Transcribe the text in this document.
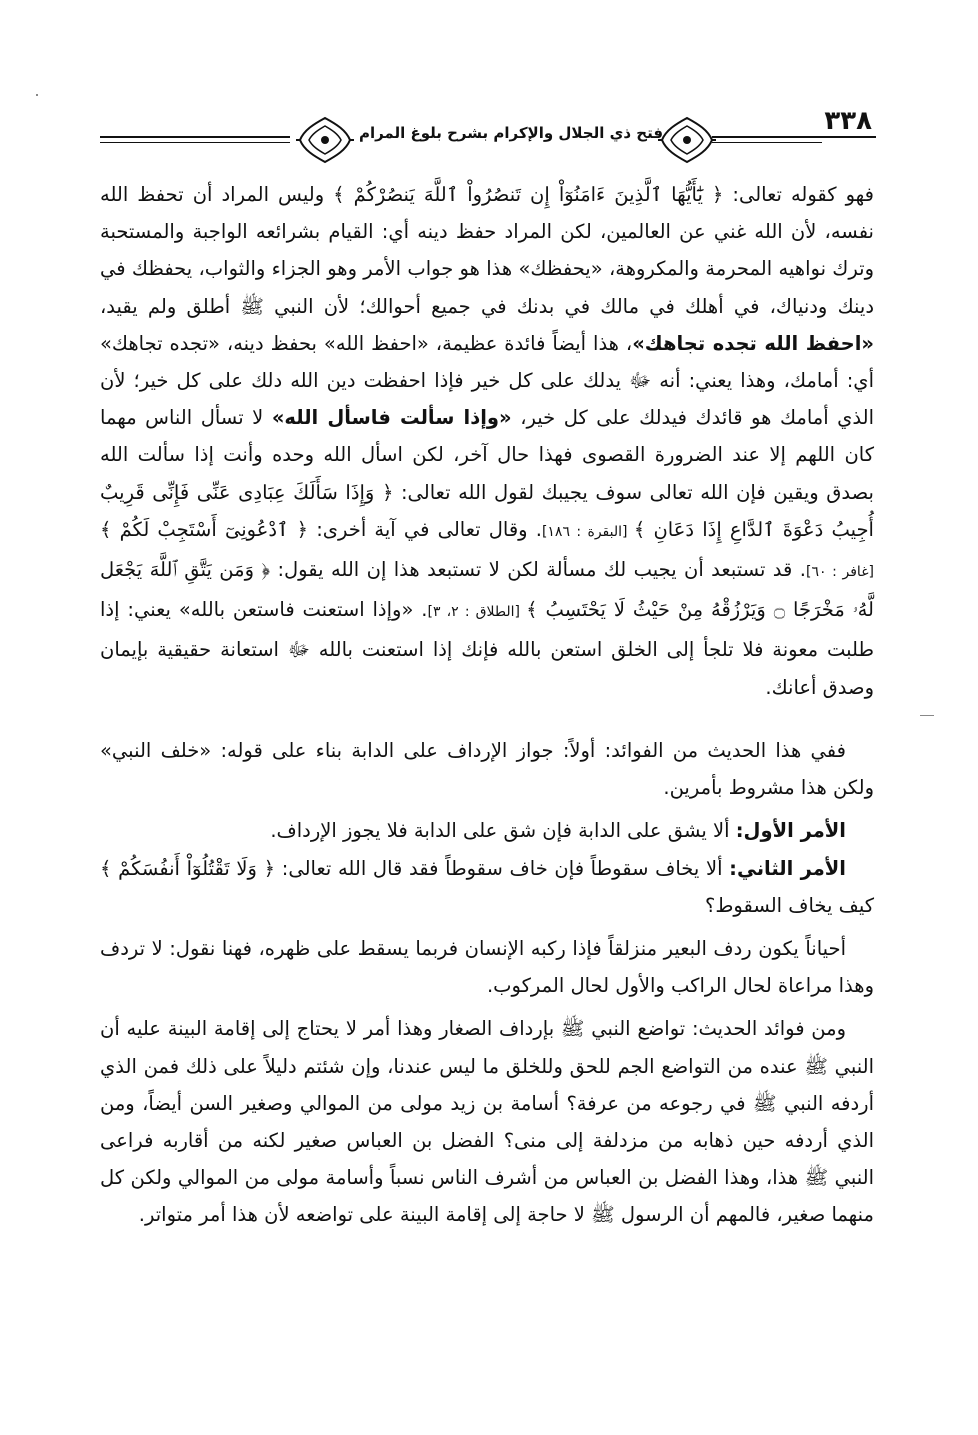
فتح ذي الجلال والإكرام بشرح بلوغ المرام	٣٣٨

فهو كقوله تعالى: ﴿ يَٰٓأَيُّهَا ٱلَّذِينَ ءَامَنُوٓاْ إِن تَنصُرُواْ ٱللَّهَ يَنصُرْكُمْ ﴾ وليس المراد أن تحفظ الله نفسه، لأن الله غني عن العالمين، لكن المراد حفظ دينه أي: القيام بشرائعه الواجبة والمستحبة وترك نواهيه المحرمة والمكروهة، «يحفظك» هذا هو جواب الأمر وهو الجزاء والثواب، يحفظك في دينك ودنياك، في أهلك في مالك في بدنك في جميع أحوالك؛ لأن النبي ﷺ أطلق ولم يقيد، «احفظ الله تجده تجاهك»، هذا أيضاً فائدة عظيمة، «احفظ الله» بحفظ دينه، «تجده تجاهك» أي: أمامك، وهذا يعني: أنه ﷻ يدلك على كل خير فإذا احفظت دين الله دلك على كل خير؛ لأن الذي أمامك هو قائدك فيدلك على كل خير، «وإذا سألت فاسأل الله» لا تسأل الناس مهما كان اللهم إلا عند الضرورة القصوى فهذا حال آخر، لكن اسأل الله وحده وأنت إذا سألت الله بصدق ويقين فإن الله تعالى سوف يجيبك لقول الله تعالى: ﴿ وَإِذَا سَأَلَكَ عِبَادِى عَنِّى فَإِنِّى قَرِيبٌ أُجِيبُ دَعْوَةَ ٱلدَّاعِ إِذَا دَعَانِ ﴾ [البقرة : ١٨٦]. وقال تعالى في آية أخرى: ﴿ ٱدْعُونِىٓ أَسْتَجِبْ لَكُمْ ﴾ [غافر : ٦٠]. قد تستبعد أن يجيب لك مسألة لكن لا تستبعد هذا إن الله يقول: ﴿ وَمَن يَتَّقِ ٱللَّهَ يَجْعَل لَّهُۥ مَخْرَجًا ۝ وَيَرْزُقْهُ مِنْ حَيْثُ لَا يَحْتَسِبُ ﴾ [الطلاق : ٢، ٣]. «وإذا استعنت فاستعن بالله» يعني: إذا طلبت معونة فلا تلجأ إلى الخلق استعن بالله فإنك إذا استعنت بالله ﷻ استعانة حقيقية بإيمان وصدق أعانك.

ففي هذا الحديث من الفوائد: أولاً: جواز الإرداف على الدابة بناء على قوله: «خلف النبي» ولكن هذا مشروط بأمرين.

الأمر الأول: ألا يشق على الدابة فإن شق على الدابة فلا يجوز الإرداف.

الأمر الثاني: ألا يخاف سقوطاً فإن خاف سقوطاً فقد قال الله تعالى: ﴿ وَلَا تَقْتُلُوٓاْ أَنفُسَكُمْ ﴾ كيف يخاف السقوط؟

أحياناً يكون ردف البعير منزلقاً فإذا ركبه الإنسان فربما يسقط على ظهره، فهنا نقول: لا تردف وهذا مراعاة لحال الراكب والأول لحال المركوب.

ومن فوائد الحديث: تواضع النبي ﷺ بإرداف الصغار وهذا أمر لا يحتاج إلى إقامة البينة عليه أن النبي ﷺ عنده من التواضع الجم للحق وللخلق ما ليس عندنا، وإن شئتم دليلاً على ذلك فمن الذي أردفه النبي ﷺ في رجوعه من عرفة؟ أسامة بن زيد مولى من الموالي وصغير السن أيضاً، ومن الذي أردفه حين ذهابه من مزدلفة إلى منى؟ الفضل بن العباس صغير لكنه من أقاربه فراعى النبي ﷺ هذا، وهذا الفضل بن العباس من أشرف الناس نسباً وأسامة مولى من الموالي ولكن كل منهما صغير، فالمهم أن الرسول ﷺ لا حاجة إلى إقامة البينة على تواضعه لأن هذا أمر متواتر.
